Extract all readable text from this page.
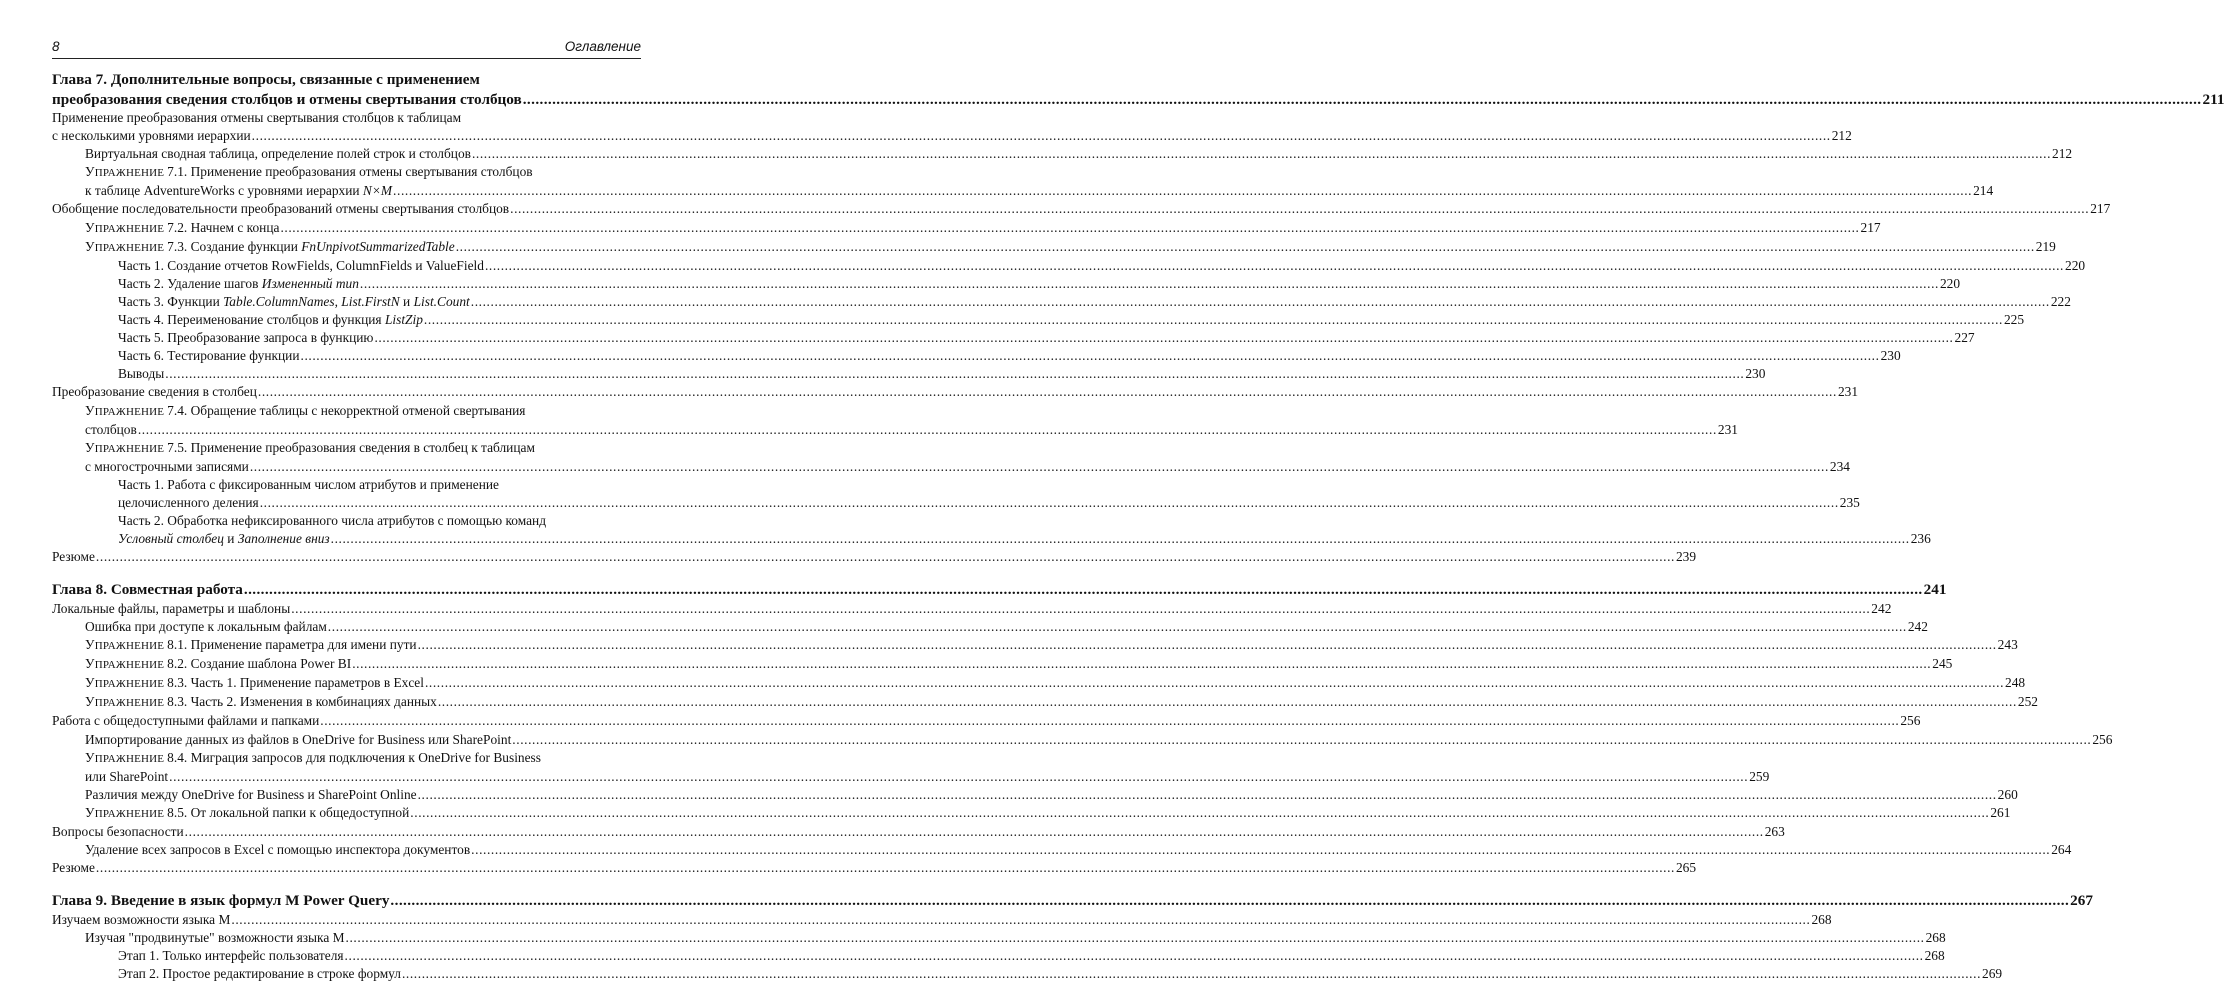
8	Оглавление
Глава 7. Дополнительные вопросы, связанные с применением
преобразования сведения столбцов и отмены свертывания столбцов ................................................................................................................................................................................................................................................................................................................................................................................................................ 211
Применение преобразования отмены свертывания столбцов к таблицам
с несколькими уровнями иерархии ................................................................................................................................................................................................................................................................................................................................................................................................................ 212
Виртуальная сводная таблица, определение полей строк и столбцов ................................................................................................................................................................................................................................................................................................................................................................................................................ 212
УПРАЖНЕНИЕ 7.1. Применение преобразования отмены свертывания столбцов
к таблице AdventureWorks с уровнями иерархии N×M ................................................................................................................................................................................................................................................................................................................................................................................................................ 214
Обобщение последовательности преобразований отмены свертывания столбцов ................................................................................................................................................................................................................................................................................................................................................................................................................ 217
УПРАЖНЕНИЕ 7.2. Начнем с конца ................................................................................................................................................................................................................................................................................................................................................................................................................ 217
УПРАЖНЕНИЕ 7.3. Создание функции FnUnpivotSummarizedTable ................................................................................................................................................................................................................................................................................................................................................................................................................ 219
Часть 1. Создание отчетов RowFields, ColumnFields и ValueField ................................................................................................................................................................................................................................................................................................................................................................................................................ 220
Часть 2. Удаление шагов Измененный тип ................................................................................................................................................................................................................................................................................................................................................................................................................ 220
Часть 3. Функции Table.ColumnNames, List.FirstN и List.Count ................................................................................................................................................................................................................................................................................................................................................................................................................ 222
Часть 4. Переименование столбцов и функция ListZip ................................................................................................................................................................................................................................................................................................................................................................................................................ 225
Часть 5. Преобразование запроса в функцию ................................................................................................................................................................................................................................................................................................................................................................................................................ 227
Часть 6. Тестирование функции ................................................................................................................................................................................................................................................................................................................................................................................................................ 230
Выводы ................................................................................................................................................................................................................................................................................................................................................................................................................ 230
Преобразование сведения в столбец ................................................................................................................................................................................................................................................................................................................................................................................................................ 231
УПРАЖНЕНИЕ 7.4. Обращение таблицы с некорректной отменой свертывания
столбцов ................................................................................................................................................................................................................................................................................................................................................................................................................ 231
УПРАЖНЕНИЕ 7.5. Применение преобразования сведения в столбец к таблицам
с многострочными записями ................................................................................................................................................................................................................................................................................................................................................................................................................ 234
Часть 1. Работа с фиксированным числом атрибутов и применение
целочисленного деления ................................................................................................................................................................................................................................................................................................................................................................................................................ 235
Часть 2. Обработка нефиксированного числа атрибутов с помощью команд
Условный столбец и Заполнение вниз ................................................................................................................................................................................................................................................................................................................................................................................................................ 236
Резюме ................................................................................................................................................................................................................................................................................................................................................................................................................ 239
Глава 8. Совместная работа ................................................................................................................................................................................................................................................................................................................................................................................................................ 241
Локальные файлы, параметры и шаблоны ................................................................................................................................................................................................................................................................................................................................................................................................................ 242
Ошибка при доступе к локальным файлам ................................................................................................................................................................................................................................................................................................................................................................................................................ 242
УПРАЖНЕНИЕ 8.1. Применение параметра для имени пути ................................................................................................................................................................................................................................................................................................................................................................................................................ 243
УПРАЖНЕНИЕ 8.2. Создание шаблона Power BI ................................................................................................................................................................................................................................................................................................................................................................................................................ 245
УПРАЖНЕНИЕ 8.3. Часть 1. Применение параметров в Excel ................................................................................................................................................................................................................................................................................................................................................................................................................ 248
УПРАЖНЕНИЕ 8.3. Часть 2. Изменения в комбинациях данных ................................................................................................................................................................................................................................................................................................................................................................................................................ 252
Работа с общедоступными файлами и папками ................................................................................................................................................................................................................................................................................................................................................................................................................ 256
Импортирование данных из файлов в OneDrive for Business или SharePoint ................................................................................................................................................................................................................................................................................................................................................................................................................ 256
УПРАЖНЕНИЕ 8.4. Миграция запросов для подключения к OneDrive for Business
или SharePoint ................................................................................................................................................................................................................................................................................................................................................................................................................ 259
Различия между OneDrive for Business и SharePoint Online ................................................................................................................................................................................................................................................................................................................................................................................................................ 260
УПРАЖНЕНИЕ 8.5. От локальной папки к общедоступной ................................................................................................................................................................................................................................................................................................................................................................................................................ 261
Вопросы безопасности ................................................................................................................................................................................................................................................................................................................................................................................................................ 263
Удаление всех запросов в Excel с помощью инспектора документов ................................................................................................................................................................................................................................................................................................................................................................................................................ 264
Резюме ................................................................................................................................................................................................................................................................................................................................................................................................................ 265
Глава 9. Введение в язык формул M Power Query ................................................................................................................................................................................................................................................................................................................................................................................................................ 267
Изучаем возможности языка M ................................................................................................................................................................................................................................................................................................................................................................................................................ 268
Изучая "продвинутые" возможности языка M ................................................................................................................................................................................................................................................................................................................................................................................................................ 268
Этап 1. Только интерфейс пользователя ................................................................................................................................................................................................................................................................................................................................................................................................................ 268
Этап 2. Простое редактирование в строке формул ................................................................................................................................................................................................................................................................................................................................................................................................................ 269
